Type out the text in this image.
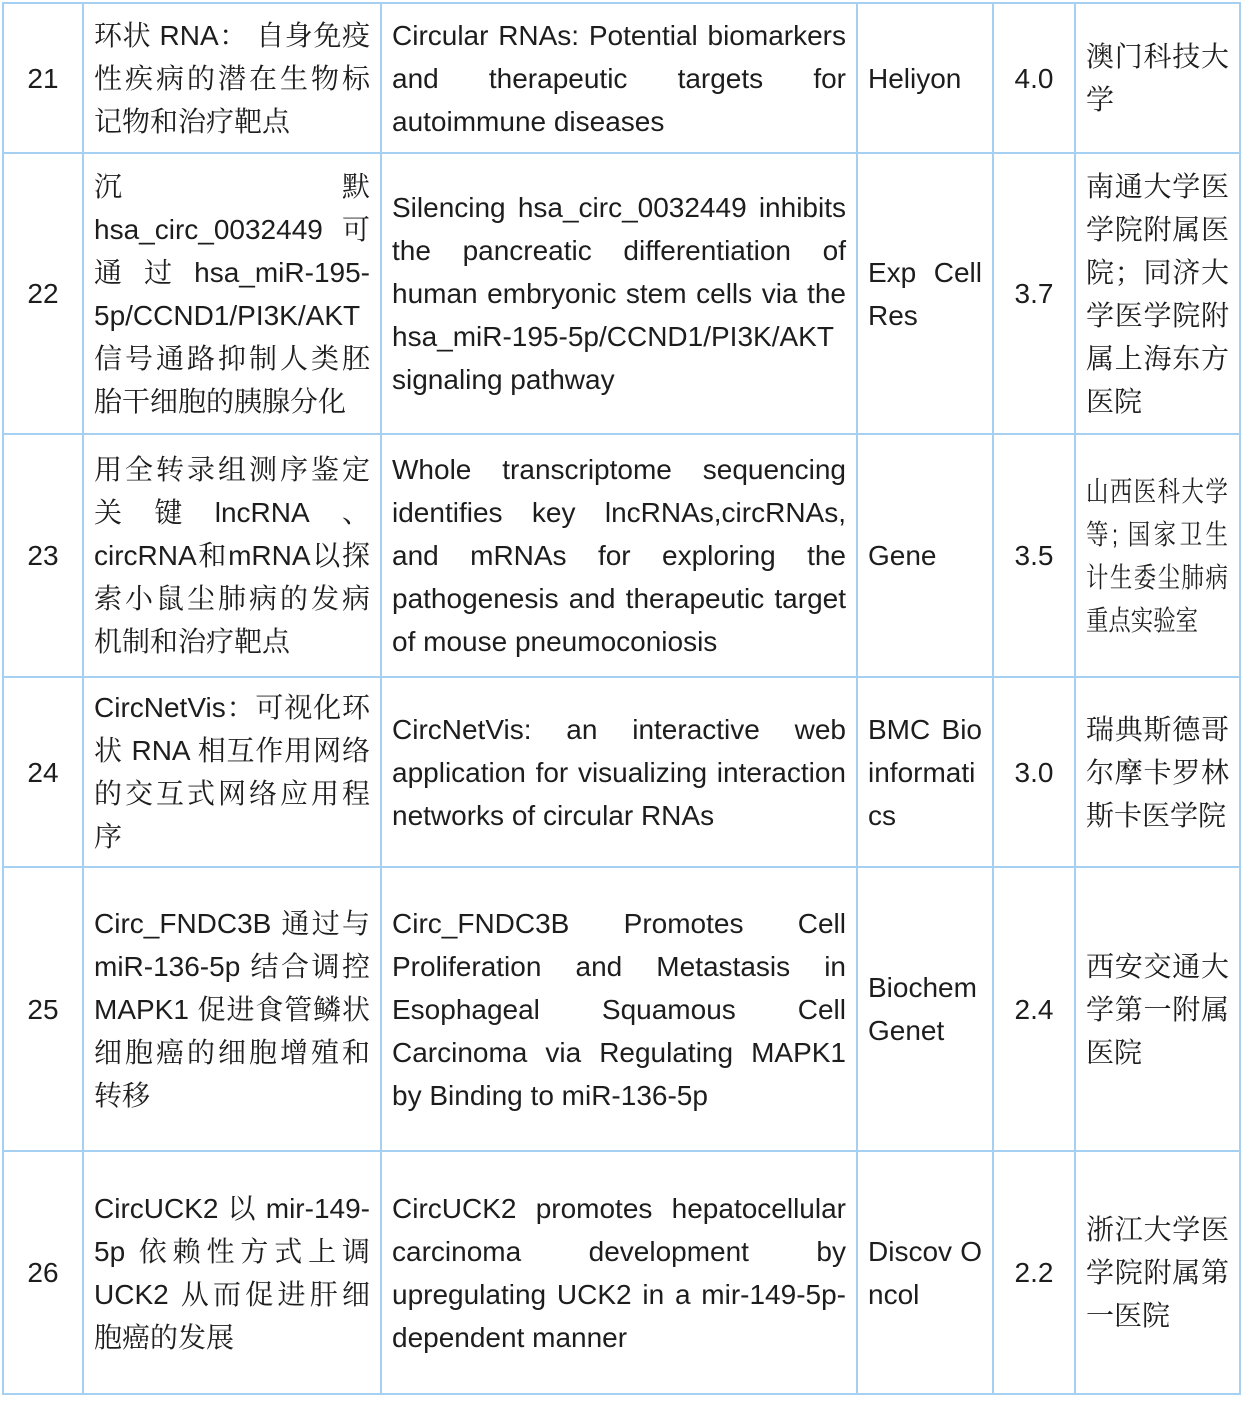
21	环状 RNA： 自身免疫性疾病的潜在生物标记物和治疗靶点	Circular RNAs: Potential biomarkers and therapeutic targets for autoimmune diseases	Heliyon	4.0	澳门科技大学
22	沉默hsa_circ_0032449可通过hsa_miR-195-5p/CCND1/PI3K/AKT信号通路抑制人类胚胎干细胞的胰腺分化	Silencing hsa_circ_0032449 inhibits the pancreatic differentiation of human embryonic stem cells via the hsa_miR-195-5p/CCND1/PI3K/AKT signaling pathway	Exp Cell Res	3.7	南通大学医学院附属医院；同济大学医学院附属上海东方医院
23	用全转录组测序鉴定关键lncRNA、circRNA和mRNA以探索小鼠尘肺病的发病机制和治疗靶点	Whole transcriptome sequencing identifies key lncRNAs,circRNAs, and mRNAs for exploring the pathogenesis and therapeutic target of mouse pneumoconiosis	Gene	3.5	山西医科大学等; 国家卫生计生委尘肺病重点实验室
24	CircNetVis：可视化环状 RNA 相互作用网络的交互式网络应用程序	CircNetVis: an interactive web application for visualizing interaction networks of circular RNAs	BMC Bioinformatics	3.0	瑞典斯德哥尔摩卡罗林斯卡医学院
25	Circ_FNDC3B 通过与 miR-136-5p 结合调控 MAPK1 促进食管鳞状细胞癌的细胞增殖和转移	Circ_FNDC3B Promotes Cell Proliferation and Metastasis in Esophageal Squamous Cell Carcinoma via Regulating MAPK1 by Binding to miR-136-5p	Biochem Genet	2.4	西安交通大学第一附属医院
26	CircUCK2 以 mir-149-5p 依赖性方式上调 UCK2 从而促进肝细胞癌的发展	CircUCK2 promotes hepatocellular carcinoma development by upregulating UCK2 in a mir-149-5p-dependent manner	Discov Oncol	2.2	浙江大学医学院附属第一医院
